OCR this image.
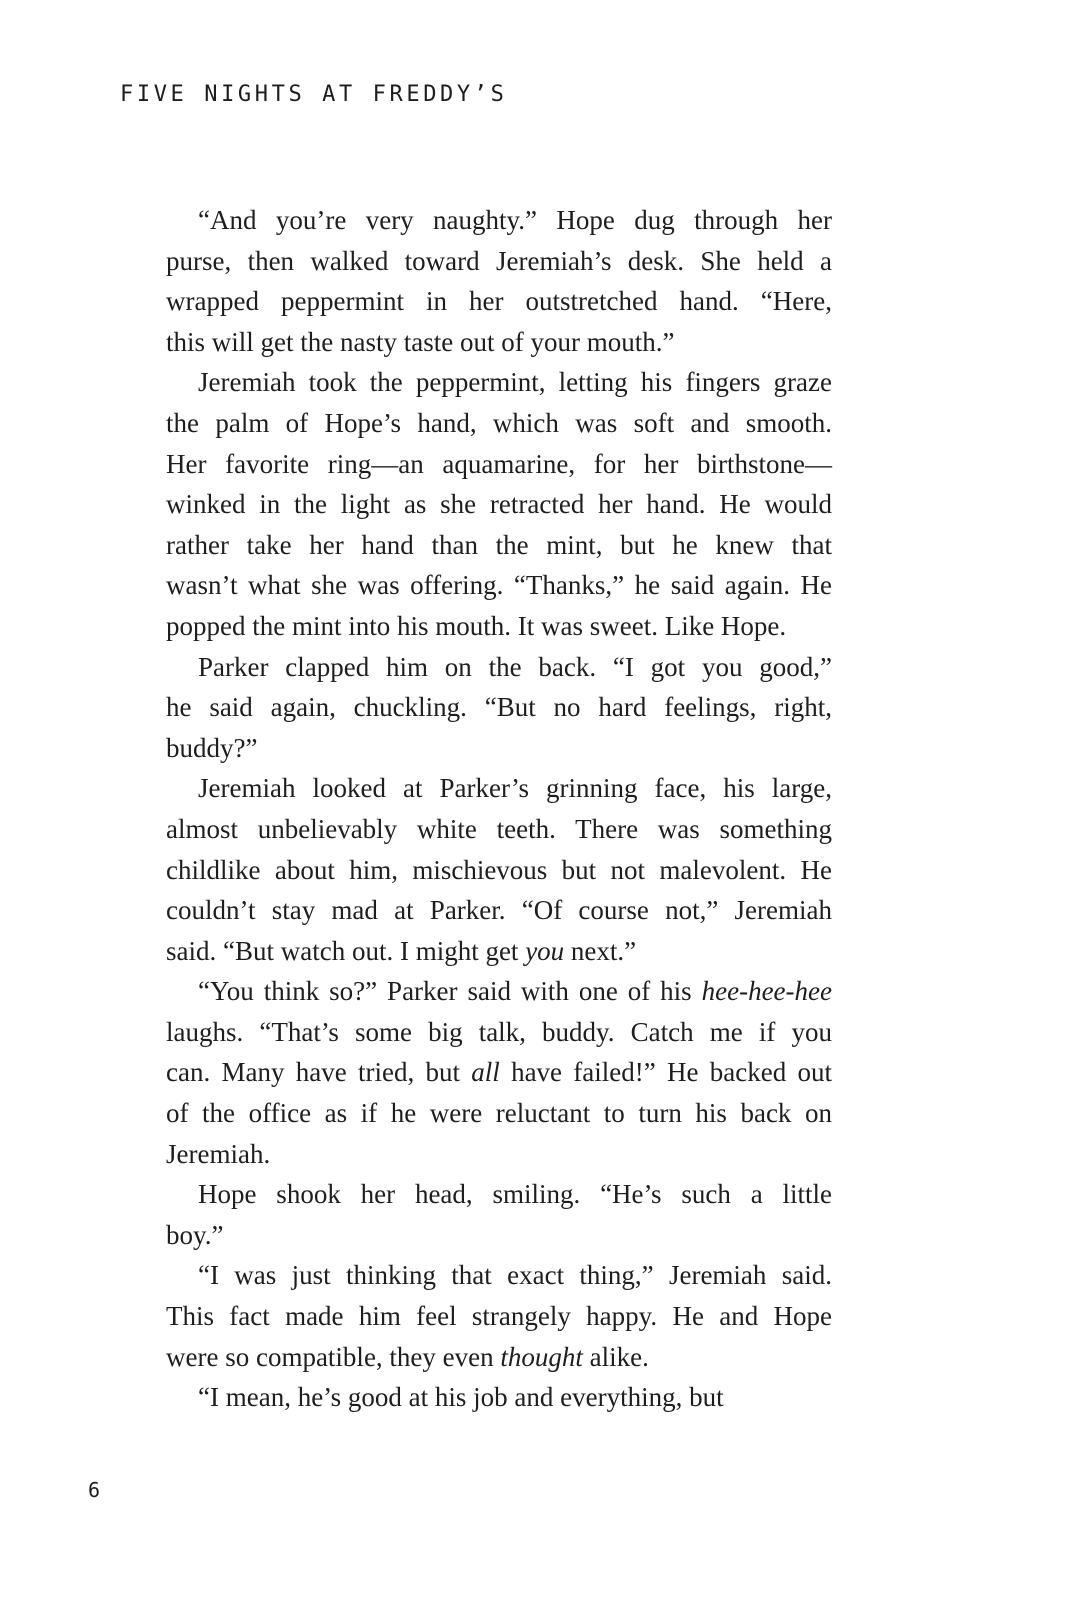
FIVE NIGHTS AT FREDDY’S
“And you’re very naughty.” Hope dug through her
purse, then walked toward Jeremiah’s desk. She held a
wrapped peppermint in her outstretched hand. “Here,
this will get the nasty taste out of your mouth.”
Jeremiah took the peppermint, letting his fingers graze
the palm of Hope’s hand, which was soft and smooth.
Her favorite ring—an aquamarine, for her birthstone—
winked in the light as she retracted her hand. He would
rather take her hand than the mint, but he knew that
wasn’t what she was offering. “Thanks,” he said again. He
popped the mint into his mouth. It was sweet. Like Hope.
Parker clapped him on the back. “I got you good,”
he said again, chuckling. “But no hard feelings, right,
buddy?”
Jeremiah looked at Parker’s grinning face, his large,
almost unbelievably white teeth. There was something
childlike about him, mischievous but not malevolent. He
couldn’t stay mad at Parker. “Of course not,” Jeremiah
said. “But watch out. I might get you next.”
“You think so?” Parker said with one of his hee-hee-hee
laughs. “That’s some big talk, buddy. Catch me if you
can. Many have tried, but all have failed!” He backed out
of the office as if he were reluctant to turn his back on
Jeremiah.
Hope shook her head, smiling. “He’s such a little
boy.”
“I was just thinking that exact thing,” Jeremiah said.
This fact made him feel strangely happy. He and Hope
were so compatible, they even thought alike.
“I mean, he’s good at his job and everything, but
6
